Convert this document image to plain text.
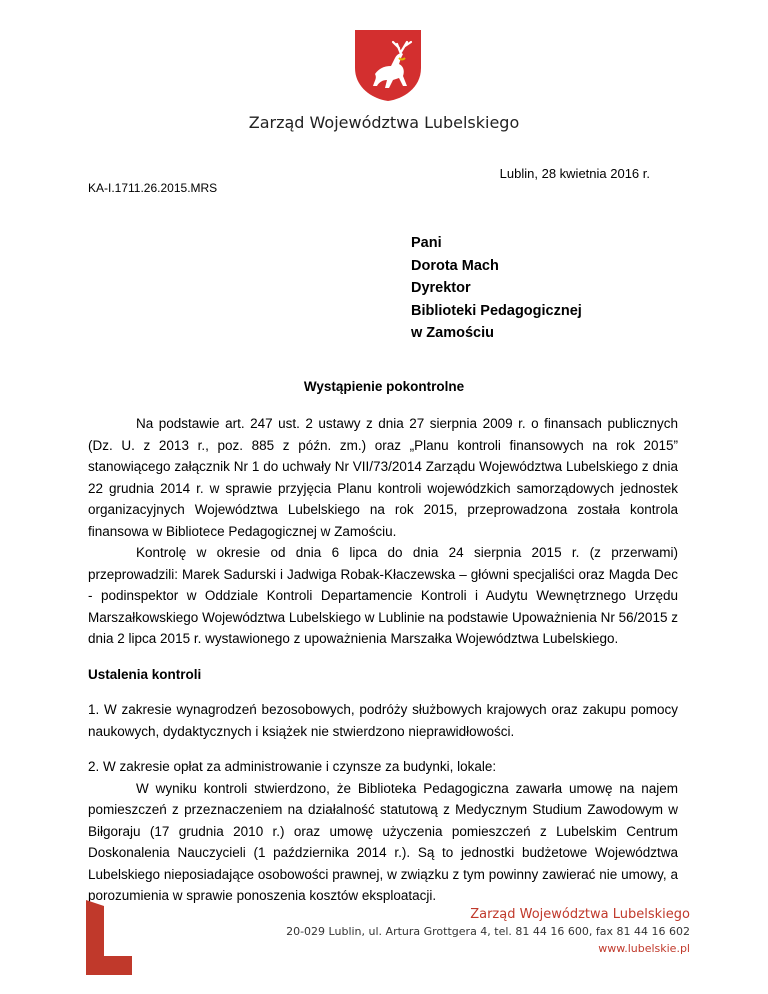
Zarząd Województwa Lubelskiego
Lublin, 28 kwietnia 2016 r.
KA-I.1711.26.2015.MRS
Pani
Dorota Mach
Dyrektor
Biblioteki Pedagogicznej
w Zamościu
Wystąpienie pokontrolne

Na podstawie art. 247 ust. 2 ustawy z dnia 27 sierpnia 2009 r. o finansach publicznych (Dz. U. z 2013 r., poz. 885 z późn. zm.) oraz „Planu kontroli finansowych na rok 2015” stanowiącego załącznik Nr 1 do uchwały Nr VII/73/2014 Zarządu Województwa Lubelskiego z dnia 22 grudnia 2014 r. w sprawie przyjęcia Planu kontroli wojewódzkich samorządowych jednostek organizacyjnych Województwa Lubelskiego na rok 2015, przeprowadzona została kontrola finansowa w Bibliotece Pedagogicznej w Zamościu.

Kontrolę w okresie od dnia 6 lipca do dnia 24 sierpnia 2015 r. (z przerwami) przeprowadzili: Marek Sadurski i Jadwiga Robak-Kłaczewska – główni specjaliści oraz Magda Dec - podinspektor w Oddziale Kontroli Departamencie Kontroli i Audytu Wewnętrznego Urzędu Marszałkowskiego Województwa Lubelskiego w Lublinie na podstawie Upoważnienia Nr 56/2015 z dnia 2 lipca 2015 r. wystawionego z upoważnienia Marszałka Województwa Lubelskiego.

Ustalenia kontroli

1. W zakresie wynagrodzeń bezosobowych, podróży służbowych krajowych oraz zakupu pomocy naukowych, dydaktycznych i książek nie stwierdzono nieprawidłowości.

2. W zakresie opłat za administrowanie i czynsze za budynki, lokale:

W wyniku kontroli stwierdzono, że Biblioteka Pedagogiczna zawarła umowę na najem pomieszczeń z przeznaczeniem na działalność statutową z Medycznym Studium Zawodowym w Biłgoraju (17 grudnia 2010 r.) oraz umowę użyczenia pomieszczeń z Lubelskim Centrum Doskonalenia Nauczycieli (1 października 2014 r.). Są to jednostki budżetowe Województwa Lubelskiego nieposiadające osobowości prawnej, w związku z tym powinny zawierać nie umowy, a porozumienia w sprawie ponoszenia kosztów eksploatacji.

Zarząd Województwa Lubelskiego
20-029 Lublin, ul. Artura Grottgera 4, tel. 81 44 16 600, fax 81 44 16 602
www.lubelskie.pl
